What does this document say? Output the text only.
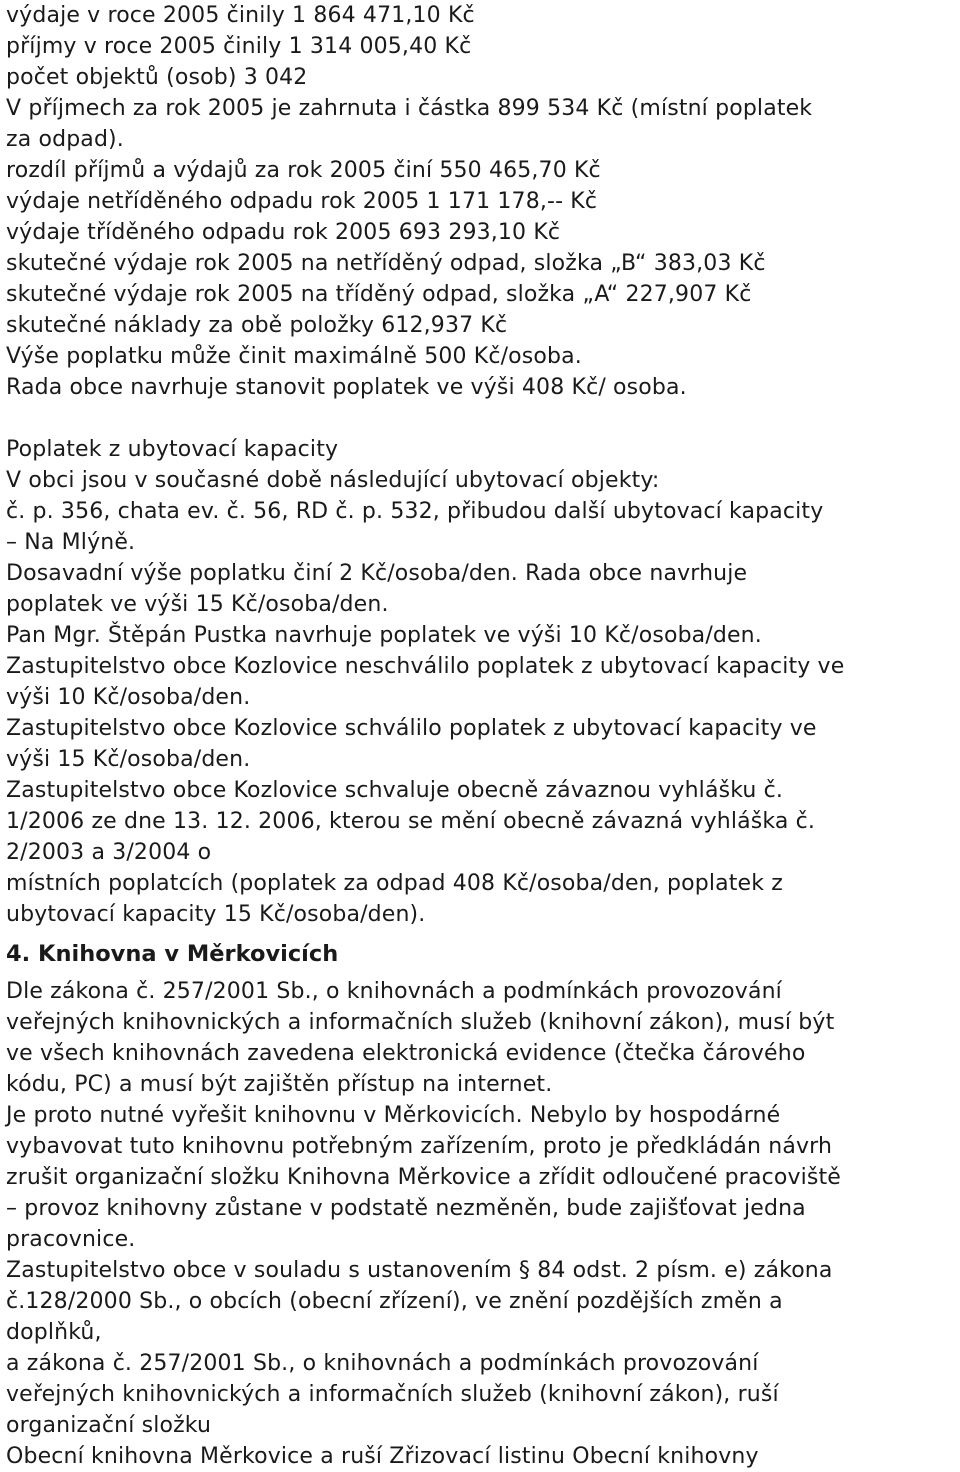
výdaje v roce 2005 činily 1 864 471,10 Kč
příjmy v roce 2005 činily 1 314 005,40 Kč
počet objektů (osob) 3 042
V příjmech za rok 2005 je zahrnuta i částka 899 534 Kč (místní poplatek
za odpad).
rozdíl příjmů a výdajů za rok 2005 činí 550 465,70 Kč
výdaje netříděného odpadu rok 2005 1 171 178,-- Kč
výdaje tříděného odpadu rok 2005 693 293,10 Kč
skutečné výdaje rok 2005 na netříděný odpad, složka „B“ 383,03 Kč
skutečné výdaje rok 2005 na tříděný odpad, složka „A“ 227,907 Kč
skutečné náklady za obě položky 612,937 Kč
Výše poplatku může činit maximálně 500 Kč/osoba.
Rada obce navrhuje stanovit poplatek ve výši 408 Kč/ osoba.
Poplatek z ubytovací kapacity
V obci jsou v současné době následující ubytovací objekty:
č. p. 356, chata ev. č. 56, RD č. p. 532, přibudou další ubytovací kapacity
– Na Mlýně.
Dosavadní výše poplatku činí 2 Kč/osoba/den. Rada obce navrhuje
poplatek ve výši 15 Kč/osoba/den.
Pan Mgr. Štěpán Pustka navrhuje poplatek ve výši 10 Kč/osoba/den.
Zastupitelstvo obce Kozlovice neschválilo poplatek z ubytovací kapacity ve
výši 10 Kč/osoba/den.
Zastupitelstvo obce Kozlovice schválilo poplatek z ubytovací kapacity ve
výši 15 Kč/osoba/den.
Zastupitelstvo obce Kozlovice schvaluje obecně závaznou vyhlášku č.
1/2006 ze dne 13. 12. 2006, kterou se mění obecně závazná vyhláška č.
2/2003 a 3/2004 o
místních poplatcích (poplatek za odpad 408 Kč/osoba/den, poplatek z
ubytovací kapacity 15 Kč/osoba/den).
4. Knihovna v Měrkovicích
Dle zákona č. 257/2001 Sb., o knihovnách a podmínkách provozování
veřejných knihovnických a informačních služeb (knihovní zákon), musí být
ve všech knihovnách zavedena elektronická evidence (čtečka čárového
kódu, PC) a musí být zajištěn přístup na internet.
Je proto nutné vyřešit knihovnu v Měrkovicích. Nebylo by hospodárné
vybavovat tuto knihovnu potřebným zařízením, proto je předkládán návrh
zrušit organizační složku Knihovna Měrkovice a zřídit odloučené pracoviště
– provoz knihovny zůstane v podstatě nezměněn, bude zajišťovat jedna
pracovnice.
Zastupitelstvo obce v souladu s ustanovením § 84 odst. 2 písm. e) zákona
č.128/2000 Sb., o obcích (obecní zřízení), ve znění pozdějších změn a
doplňků,
a zákona č. 257/2001 Sb., o knihovnách a podmínkách provozování
veřejných knihovnických a informačních služeb (knihovní zákon), ruší
organizační složku
Obecní knihovna Měrkovice a ruší Zřizovací listinu Obecní knihovny
